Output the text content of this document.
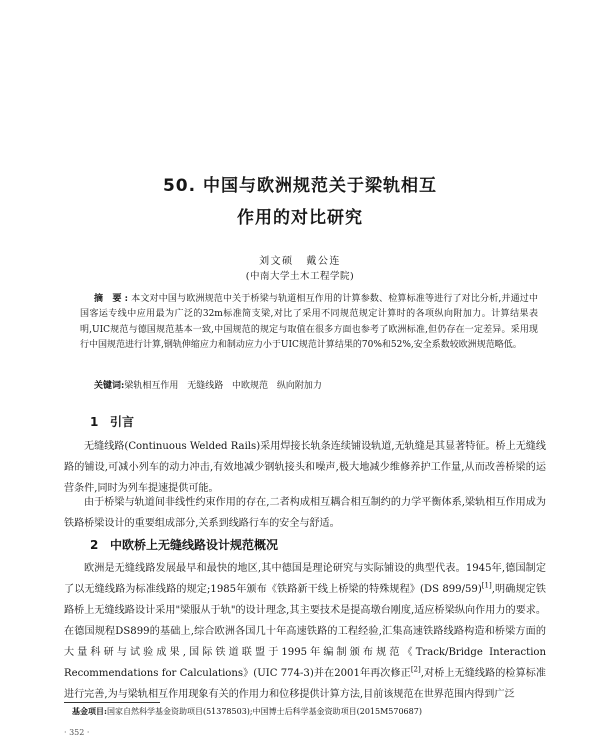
50. 中国与欧洲规范关于梁轨相互
作用的对比研究
刘文硕 戴公连
(中南大学土木工程学院)
摘 要:本文对中国与欧洲规范中关于桥梁与轨道相互作用的计算参数、检算标准等进行了对比分析,并通过中国客运专线中应用最为广泛的32m标准简支梁,对比了采用不同规范规定计算时的各项纵向附加力。计算结果表明,UIC规范与德国规范基本一致,中国规范的规定与取值在很多方面也参考了欧洲标准,但仍存在一定差异。采用现行中国规范进行计算,钢轨伸缩应力和制动应力小于UIC规范计算结果的70%和52%,安全系数较欧洲规范略低。
关键词:梁轨相互作用 无缝线路 中欧规范 纵向附加力
1 引言
无缝线路(Continuous Welded Rails)采用焊接长轨条连续铺设轨道,无轨缝是其显著特征。桥上无缝线路的铺设,可减小列车的动力冲击,有效地减少钢轨接头和噪声,极大地减少维修养护工作量,从而改善桥梁的运营条件,同时为列车提速提供可能。
由于桥梁与轨道间非线性约束作用的存在,二者构成相互耦合相互制约的力学平衡体系,梁轨相互作用成为铁路桥梁设计的重要组成部分,关系到线路行车的安全与舒适。
2 中欧桥上无缝线路设计规范概况
欧洲是无缝线路发展最早和最快的地区,其中德国是理论研究与实际铺设的典型代表。1945年,德国制定了以无缝线路为标准线路的规定;1985年颁布《铁路新干线上桥梁的特殊规程》(DS 899/59)[1],明确规定铁路桥上无缝线路设计采用"梁服从于轨"的设计理念,其主要技术是提高墩台刚度,适应桥梁纵向作用力的要求。在德国规程DS899的基础上,综合欧洲各国几十年高速铁路的工程经验,汇集高速铁路线路构造和桥梁方面的大量科研与试验成果,国际铁道联盟于1995年编制颁布规范《Track/Bridge Interaction Recommendations for Calculations》(UIC 774-3)并在2001年再次修正[2],对桥上无缝线路的检算标准进行完善,为与梁轨相互作用现象有关的作用力和位移提供计算方法,目前该规范在世界范围内得到广泛
基金项目:国家自然科学基金资助项目(51378503);中国博士后科学基金资助项目(2015M570687)
· 352 ·
